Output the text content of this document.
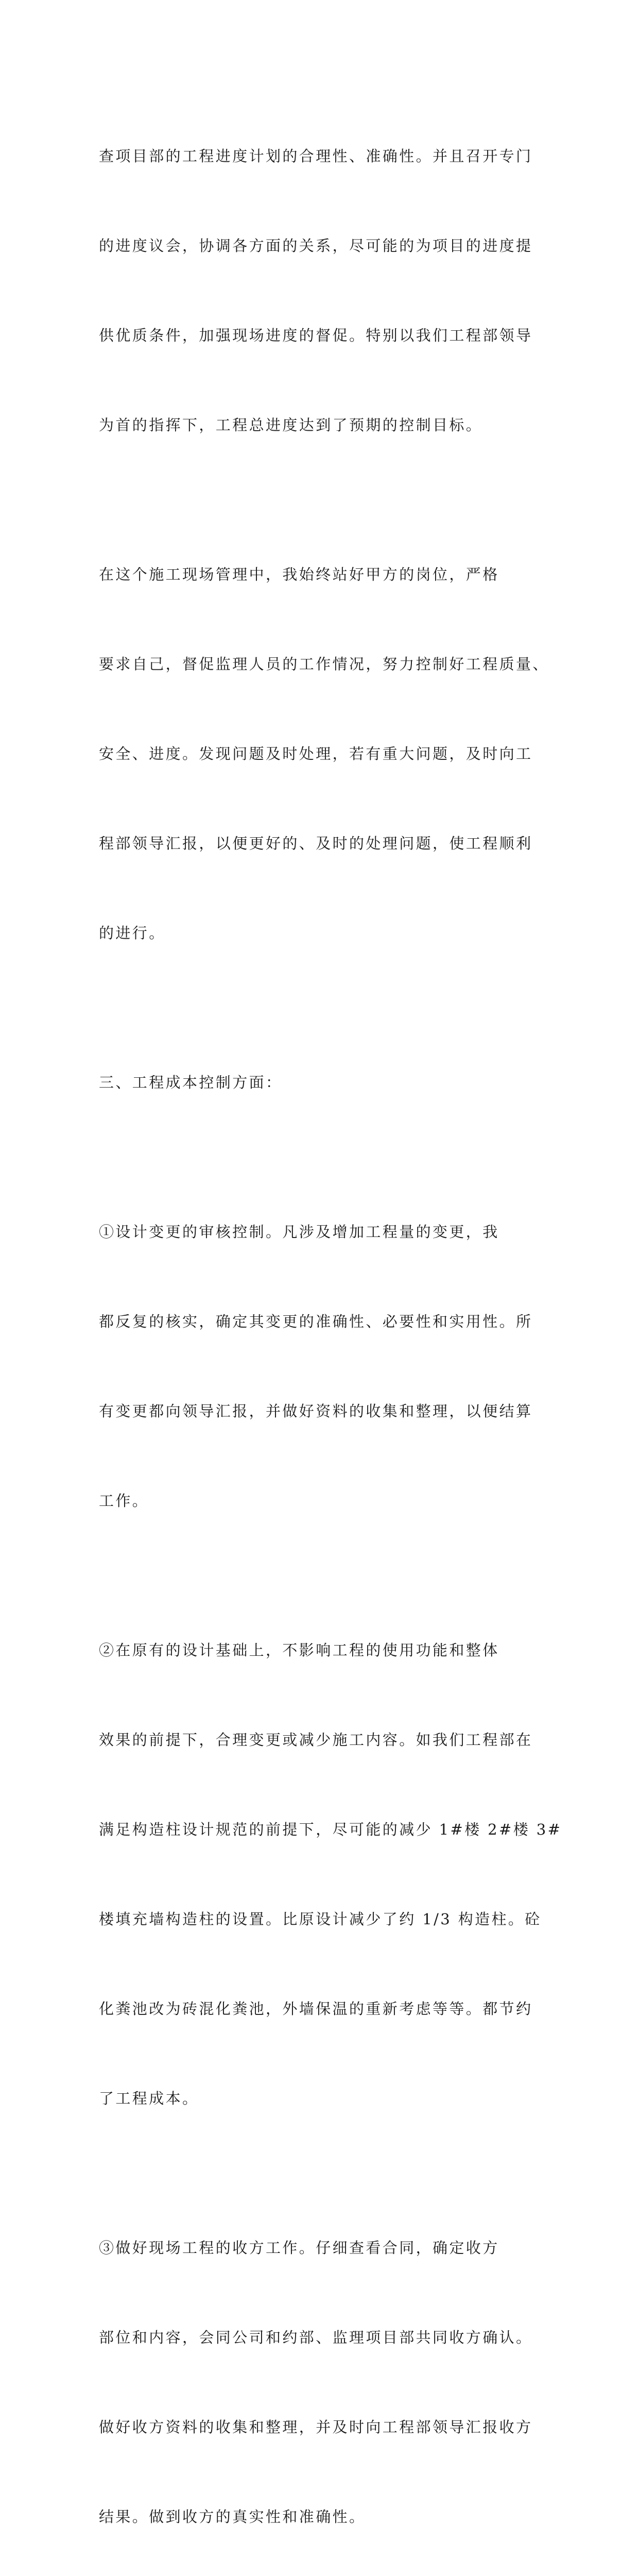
查项目部的工程进度计划的合理性、准确性。并且召开专门

的进度议会，协调各方面的关系，尽可能的为项目的进度提

供优质条件，加强现场进度的督促。特别以我们工程部领导

为首的指挥下，工程总进度达到了预期的控制目标。

在这个施工现场管理中，我始终站好甲方的岗位，严格

要求自己，督促监理人员的工作情况，努力控制好工程质量、

安全、进度。发现问题及时处理，若有重大问题，及时向工

程部领导汇报，以便更好的、及时的处理问题，使工程顺利

的进行。

三、工程成本控制方面：

①设计变更的审核控制。凡涉及增加工程量的变更，我

都反复的核实，确定其变更的准确性、必要性和实用性。所

有变更都向领导汇报，并做好资料的收集和整理，以便结算

工作。

②在原有的设计基础上，不影响工程的使用功能和整体

效果的前提下，合理变更或减少施工内容。如我们工程部在

满足构造柱设计规范的前提下，尽可能的减少 1#楼 2#楼 3#

楼填充墙构造柱的设置。比原设计减少了约 1/3 构造柱。砼

化粪池改为砖混化粪池，外墙保温的重新考虑等等。都节约

了工程成本。

③做好现场工程的收方工作。仔细查看合同，确定收方

部位和内容，会同公司和约部、监理项目部共同收方确认。

做好收方资料的收集和整理，并及时向工程部领导汇报收方

结果。做到收方的真实性和准确性。
